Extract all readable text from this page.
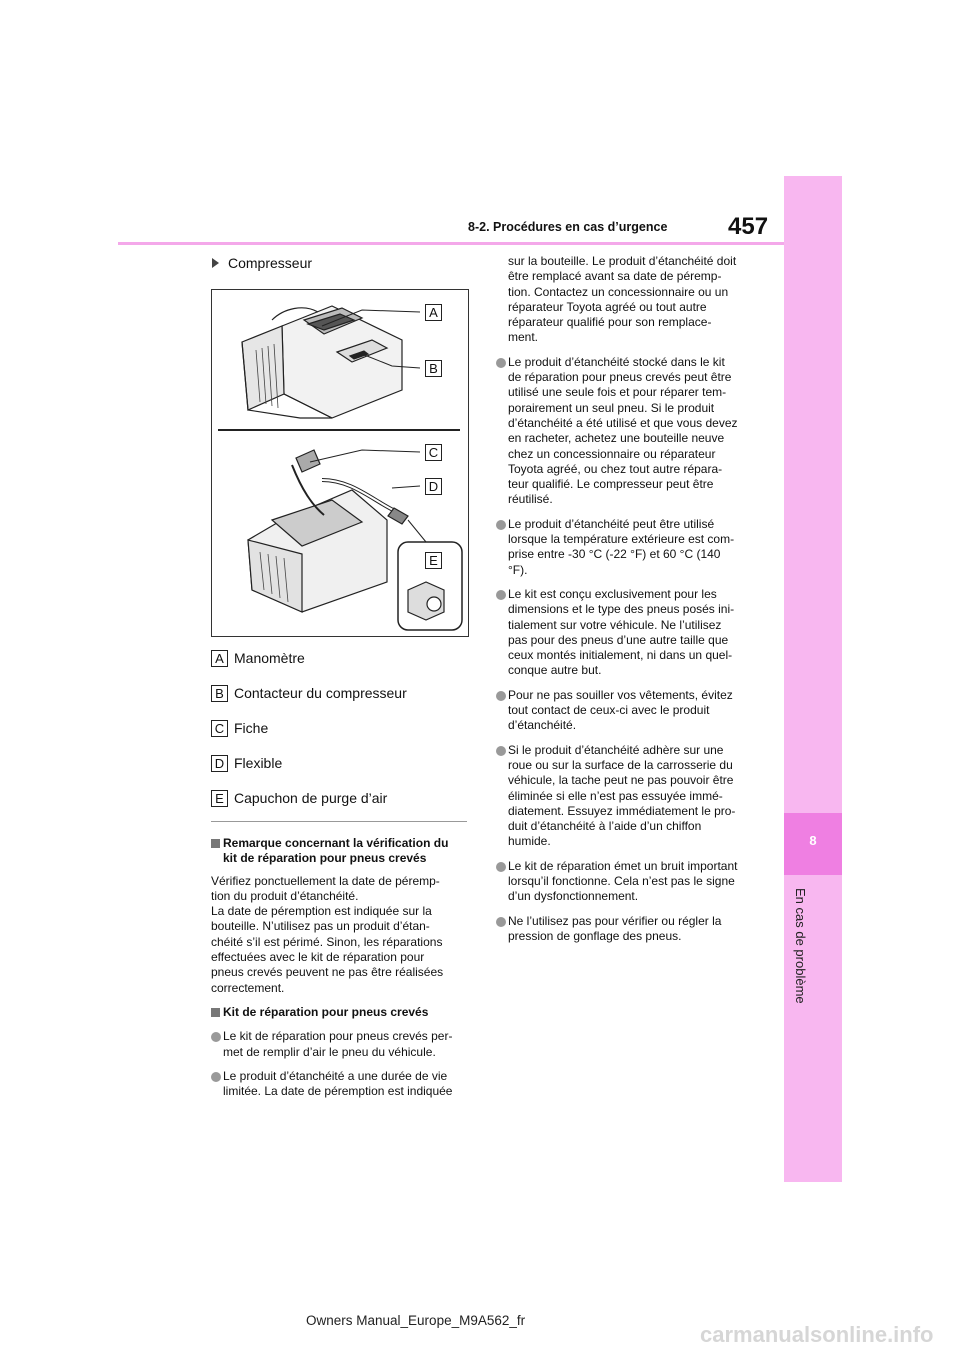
8
En cas de problème
8-2. Procédures en cas d’urgence	457
Compresseur
A
B
C
D
E
A Manomètre
B Contacteur du compresseur
C Fiche
D Flexible
E Capuchon de purge d’air
Remarque concernant la vérification du
kit de réparation pour pneus crevés
Vérifiez ponctuellement la date de péremp-
tion du produit d’étanchéité.
La date de péremption est indiquée sur la
bouteille. N’utilisez pas un produit d’étan-
chéité s’il est périmé. Sinon, les réparations
effectuées avec le kit de réparation pour
pneus crevés peuvent ne pas être réalisées
correctement.
Kit de réparation pour pneus crevés
Le kit de réparation pour pneus crevés per-
met de remplir d’air le pneu du véhicule.
Le produit d’étanchéité a une durée de vie
limitée. La date de péremption est indiquée
sur la bouteille. Le produit d’étanchéité doit
être remplacé avant sa date de péremp-
tion. Contactez un concessionnaire ou un
réparateur Toyota agréé ou tout autre
réparateur qualifié pour son remplace-
ment.
Le produit d’étanchéité stocké dans le kit
de réparation pour pneus crevés peut être
utilisé une seule fois et pour réparer tem-
porairement un seul pneu. Si le produit
d’étanchéité a été utilisé et que vous devez
en racheter, achetez une bouteille neuve
chez un concessionnaire ou réparateur
Toyota agréé, ou chez tout autre répara-
teur qualifié. Le compresseur peut être
réutilisé.
Le produit d’étanchéité peut être utilisé
lorsque la température extérieure est com-
prise entre -30 °C (-22 °F) et 60 °C (140
°F).
Le kit est conçu exclusivement pour les
dimensions et le type des pneus posés ini-
tialement sur votre véhicule. Ne l’utilisez
pas pour des pneus d’une autre taille que
ceux montés initialement, ni dans un quel-
conque autre but.
Pour ne pas souiller vos vêtements, évitez
tout contact de ceux-ci avec le produit
d’étanchéité.
Si le produit d’étanchéité adhère sur une
roue ou sur la surface de la carrosserie du
véhicule, la tache peut ne pas pouvoir être
éliminée si elle n’est pas essuyée immé-
diatement. Essuyez immédiatement le pro-
duit d’étanchéité à l’aide d’un chiffon
humide.
Le kit de réparation émet un bruit important
lorsqu’il fonctionne. Cela n’est pas le signe
d’un dysfonctionnement.
Ne l’utilisez pas pour vérifier ou régler la
pression de gonflage des pneus.
Owners Manual_Europe_M9A562_fr
carmanualsonline.info
